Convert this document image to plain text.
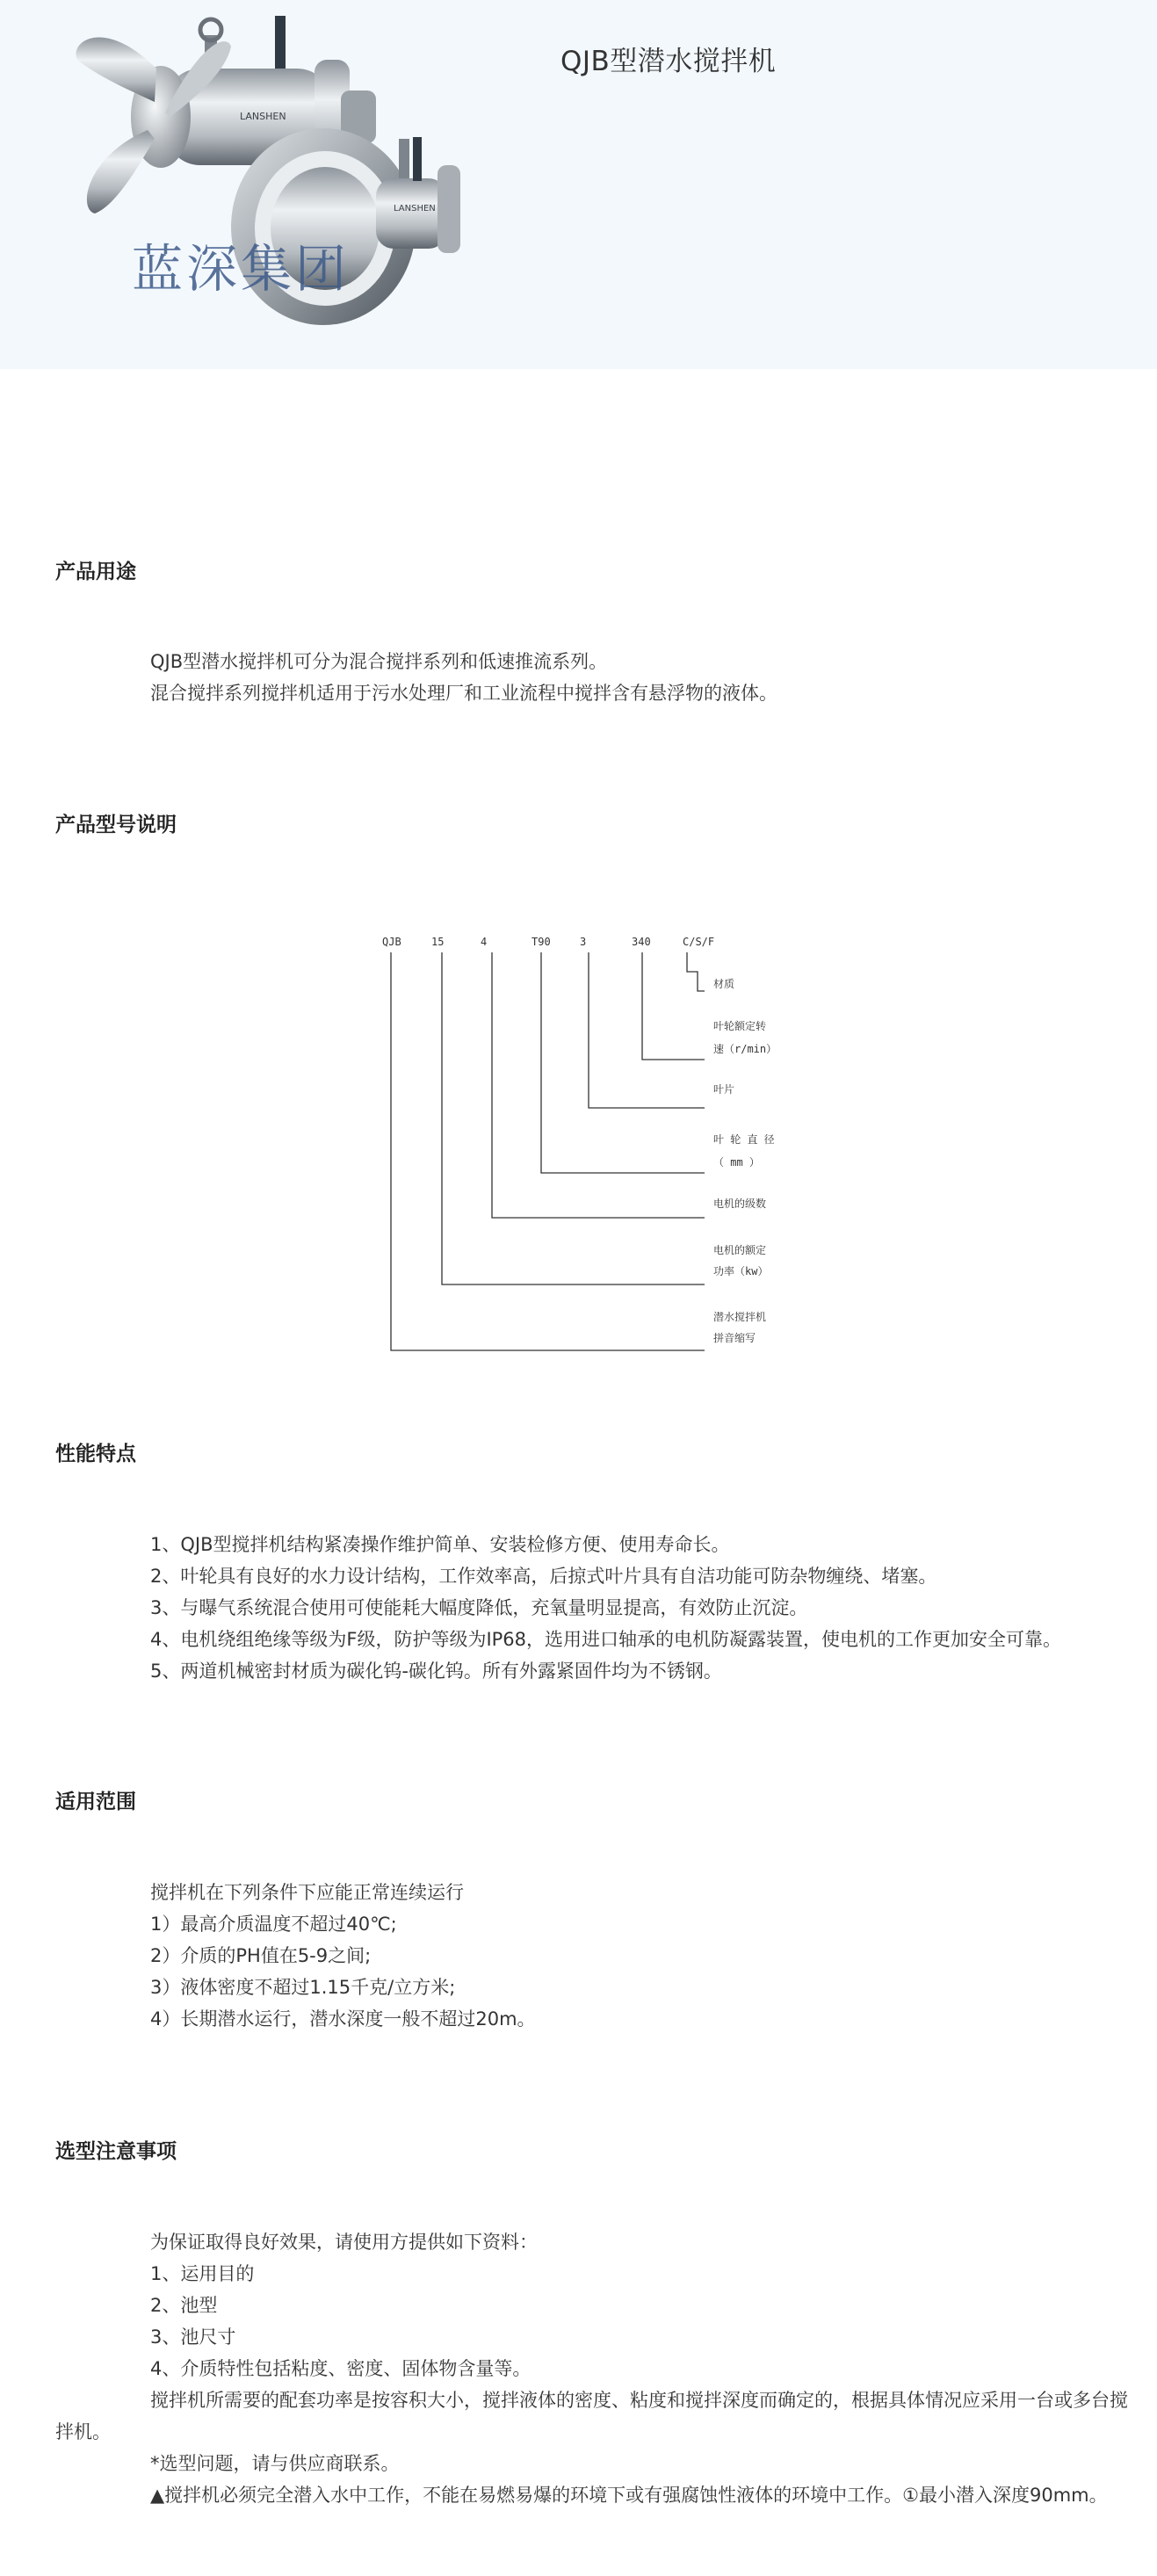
LANSHEN
LANSHEN
蓝深集团
QJB型潜水搅拌机
产品用途
QJB型潜水搅拌机可分为混合搅拌系列和低速推流系列。
混合搅拌系列搅拌机适用于污水处理厂和工业流程中搅拌含有悬浮物的液体。
产品型号说明
QJB	15	4	Т90	3	340	C/S/F
材质
叶轮额定转
速（r/min）
叶片
叶 轮 直 径
（ mm ）
电机的级数
电机的额定
功率（kw）
潜水搅拌机
拼音缩写
性能特点
1、QJB型搅拌机结构紧凑操作维护简单、安装检修方便、使用寿命长。
2、叶轮具有良好的水力设计结构，工作效率高，后掠式叶片具有自洁功能可防杂物缠绕、堵塞。
3、与曝气系统混合使用可使能耗大幅度降低，充氧量明显提高，有效防止沉淀。
4、电机绕组绝缘等级为F级，防护等级为IP68，选用进口轴承的电机防凝露装置，使电机的工作更加安全可靠。
5、两道机械密封材质为碳化钨-碳化钨。所有外露紧固件均为不锈钢。
适用范围
搅拌机在下列条件下应能正常连续运行
1）最高介质温度不超过40℃;
2）介质的PH值在5-9之间;
3）液体密度不超过1.15千克/立方米;
4）长期潜水运行，潜水深度一般不超过20m。
选型注意事项
为保证取得良好效果，请使用方提供如下资料：
1、运用目的
2、池型
3、池尺寸
4、介质特性包括粘度、密度、固体物含量等。
搅拌机所需要的配套功率是按容积大小，搅拌液体的密度、粘度和搅拌深度而确定的，根据具体情况应采用一台或多台搅拌机。
*选型问题，请与供应商联系。
▲搅拌机必须完全潜入水中工作，不能在易燃易爆的环境下或有强腐蚀性液体的环境中工作。①最小潜入深度90mm。
